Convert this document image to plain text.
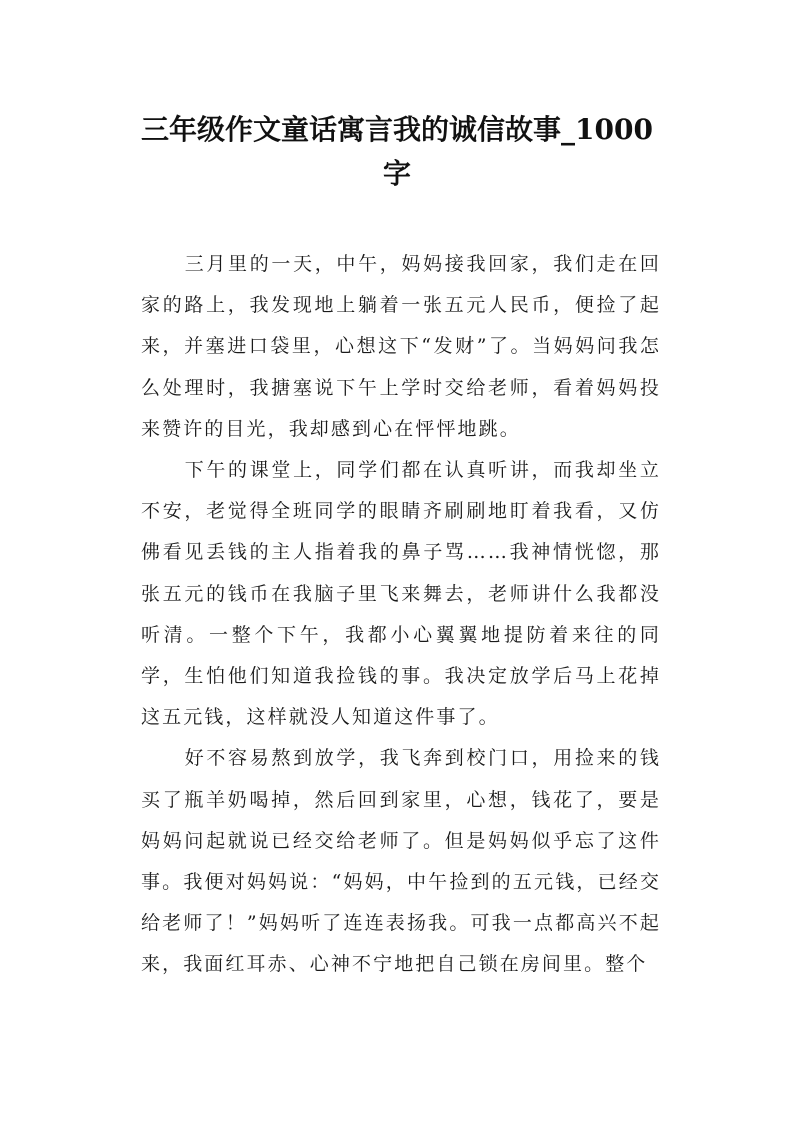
三年级作文童话寓言我的诚信故事_1000字

三月里的一天，中午，妈妈接我回家，我们走在回家的路上，我发现地上躺着一张五元人民币，便捡了起来，并塞进口袋里，心想这下“发财”了。当妈妈问我怎么处理时，我搪塞说下午上学时交给老师，看着妈妈投来赞许的目光，我却感到心在怦怦地跳。

下午的课堂上，同学们都在认真听讲，而我却坐立不安，老觉得全班同学的眼睛齐刷刷地盯着我看，又仿佛看见丢钱的主人指着我的鼻子骂……我神情恍惚，那张五元的钱币在我脑子里飞来舞去，老师讲什么我都没听清。一整个下午，我都小心翼翼地提防着来往的同学，生怕他们知道我捡钱的事。我决定放学后马上花掉这五元钱，这样就没人知道这件事了。

好不容易熬到放学，我飞奔到校门口，用捡来的钱买了瓶羊奶喝掉，然后回到家里，心想，钱花了，要是妈妈问起就说已经交给老师了。但是妈妈似乎忘了这件事。我便对妈妈说：“妈妈，中午捡到的五元钱，已经交给老师了！”妈妈听了连连表扬我。可我一点都高兴不起来，我面红耳赤、心神不宁地把自己锁在房间里。整个
